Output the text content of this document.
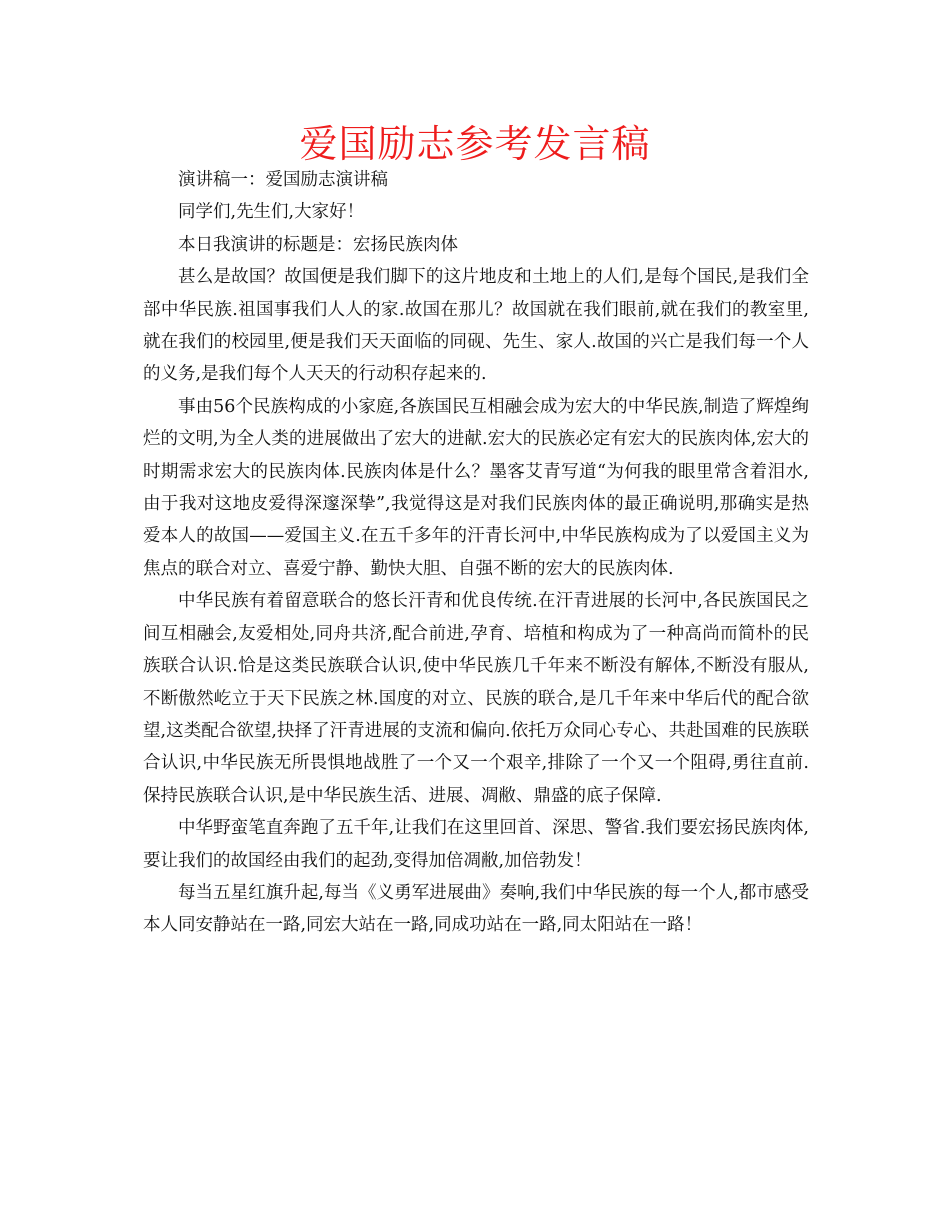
爱国励志参考发言稿

演讲稿一：爱国励志演讲稿

同学们,先生们,大家好！

本日我演讲的标题是：宏扬民族肉体

甚么是故国？故国便是我们脚下的这片地皮和土地上的人们,是每个国民,是我们全部中华民族.祖国事我们人人的家.故国在那儿？故国就在我们眼前,就在我们的教室里,就在我们的校园里,便是我们天天面临的同砚、先生、家人.故国的兴亡是我们每一个人的义务,是我们每个人天天的行动积存起来的.

事由56个民族构成的小家庭,各族国民互相融会成为宏大的中华民族,制造了辉煌绚烂的文明,为全人类的进展做出了宏大的进献.宏大的民族必定有宏大的民族肉体,宏大的时期需求宏大的民族肉体.民族肉体是什么？墨客艾青写道“为何我的眼里常含着泪水,由于我对这地皮爱得深邃深挚”,我觉得这是对我们民族肉体的最正确说明,那确实是热爱本人的故国——爱国主义.在五千多年的汗青长河中,中华民族构成为了以爱国主义为焦点的联合对立、喜爱宁静、勤快大胆、自强不断的宏大的民族肉体.

中华民族有着留意联合的悠长汗青和优良传统.在汗青进展的长河中,各民族国民之间互相融会,友爱相处,同舟共济,配合前进,孕育、培植和构成为了一种高尚而简朴的民族联合认识.恰是这类民族联合认识,使中华民族几千年来不断没有解体,不断没有服从,不断傲然屹立于天下民族之林.国度的对立、民族的联合,是几千年来中华后代的配合欲望,这类配合欲望,抉择了汗青进展的支流和偏向.依托万众同心专心、共赴国难的民族联合认识,中华民族无所畏惧地战胜了一个又一个艰辛,排除了一个又一个阻碍,勇往直前.保持民族联合认识,是中华民族生活、进展、凋敝、鼎盛的底子保障.

中华野蛮笔直奔跑了五千年,让我们在这里回首、深思、警省.我们要宏扬民族肉体,要让我们的故国经由我们的起劲,变得加倍凋敝,加倍勃发！

每当五星红旗升起,每当《义勇军进展曲》奏响,我们中华民族的每一个人,都市感受本人同安静站在一路,同宏大站在一路,同成功站在一路,同太阳站在一路！
